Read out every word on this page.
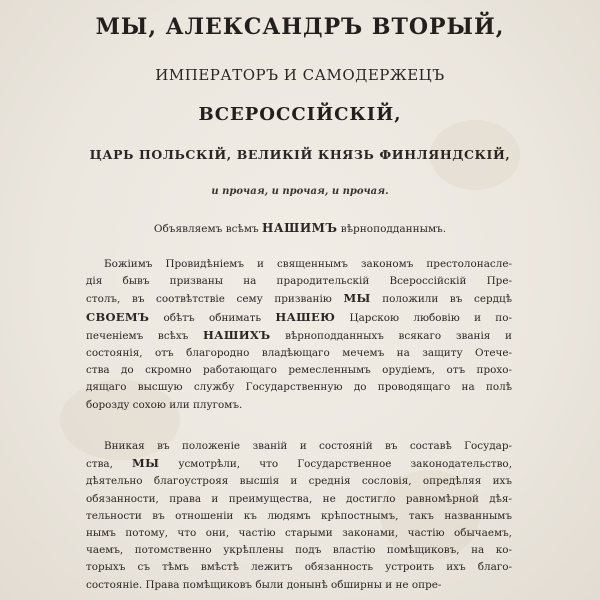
МЫ, АЛЕКСАНДРЪ ВТОРЫЙ,
ИМПЕРАТОРЪ И САМОДЕРЖЕЦЪ
ВСЕРОССІЙСКІЙ,
ЦАРЬ ПОЛЬСКІЙ, ВЕЛИКІЙ КНЯЗЬ ФИНЛЯНДСКІЙ,
и прочая, и прочая, и прочая.
Объявляемъ всѣмъ НАШИМЪ вѣрноподданнымъ.
Божіимъ Провидѣніемъ и священнымъ закономъ престолонасле-
дія бывъ призваны на прародительскій Всероссійскій Пре-
столъ, въ соотвѣтствіе сему призванію МЫ положили въ сердцѣ
СВОЕМЪ обѣтъ обнимать НАШЕЮ Царскою любовію и по-
печеніемъ всѣхъ НАШИХЪ вѣрноподданныхъ всякаго званія и
состоянія, отъ благородно владѣющаго мечемъ на защиту Отече-
ства до скромно работающаго ремесленнымъ орудіемъ, отъ прохо-
дящаго высшую службу Государственную до проводящаго на полѣ
бороздy сохою или плугомъ.
Вникая въ положеніе званій и состояній въ составѣ Государ-
ства, МЫ усмотрѣли, что Государственное законодательство,
дѣятельно благоустрояя высшія и среднія сословія, опредѣляя ихъ
обязанности, права и преимущества, не достигло равномѣрной дѣя-
тельности въ отношеніи къ людямъ крѣпостнымъ, такъ названнымъ
нымъ потому, что они, частію старыми законами, частію обычаемъ,
чаемъ, потомственно укрѣплены подъ властію помѣщиковъ, на ко-
торыхъ съ тѣмъ вмѣстѣ лежитъ обязанность устроить ихъ благо-
состояніе. Права помѣщиковъ были донынѣ обширны и не опре-
